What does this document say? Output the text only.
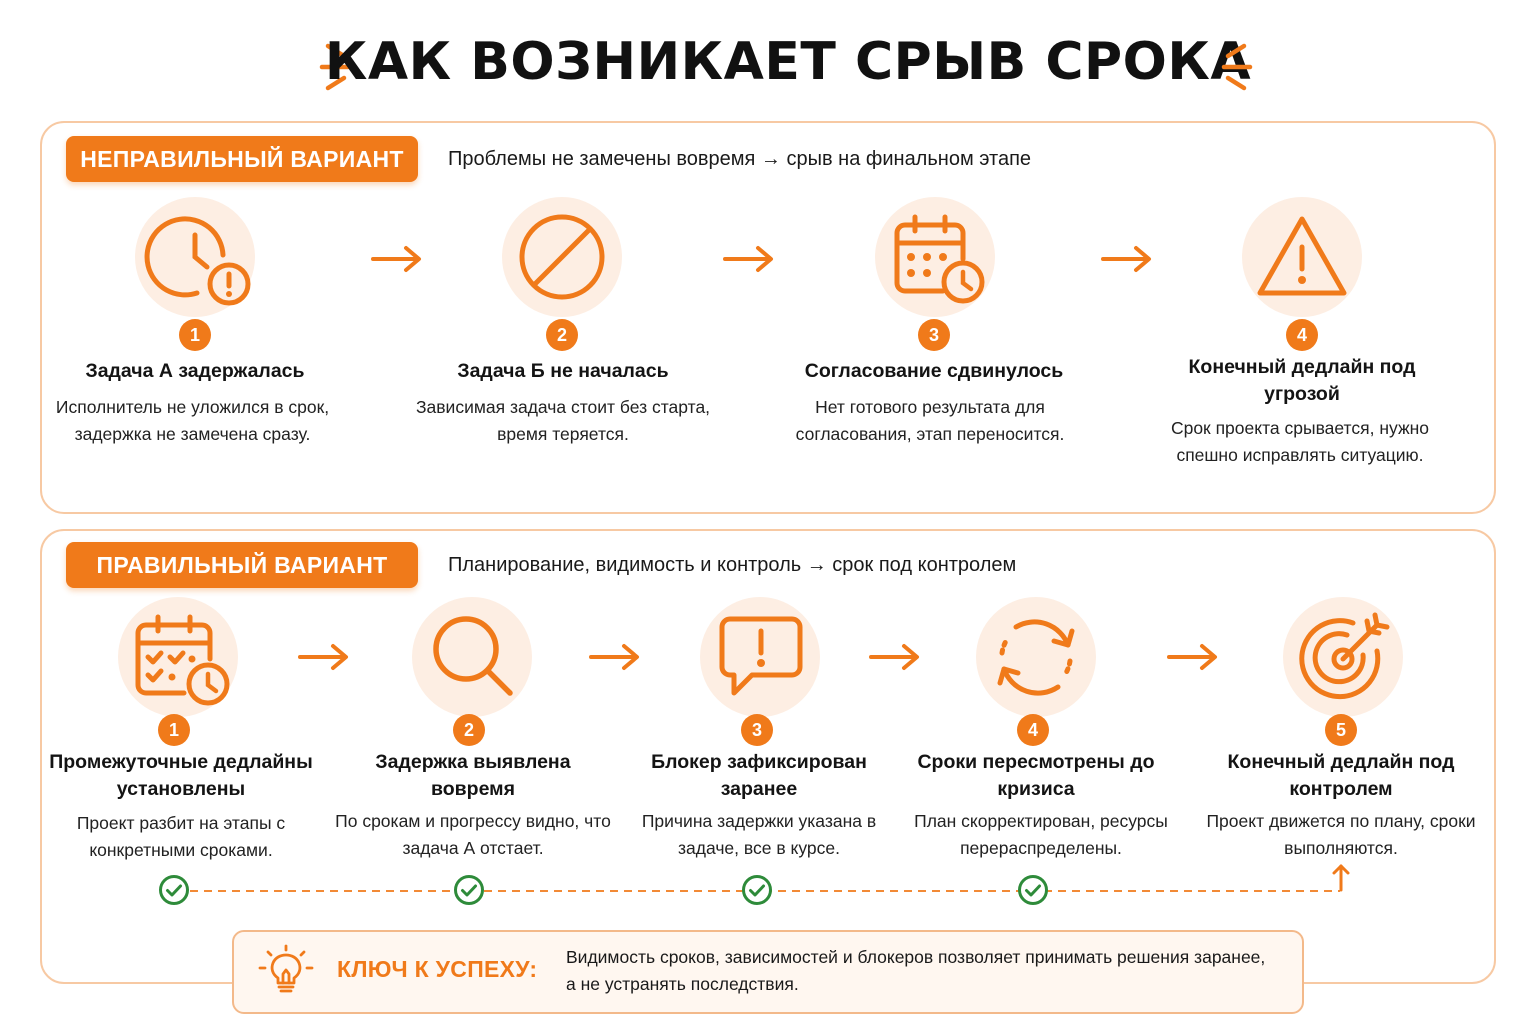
КАК ВОЗНИКАЕТ СРЫВ СРОКА
НЕПРАВИЛЬНЫЙ ВАРИАНТ	Проблемы не замечены вовремя → срыв на финальном этапе
1
Задача А задержалась
Исполнитель не уложился в срок, задержка не замечена сразу.
2
Задача Б не началась
Зависимая задача стоит без старта, время теряется.
3
Согласование сдвинулось
Нет готового результата для согласования, этап переносится.
4
Конечный дедлайн под угрозой
Срок проекта срывается, нужно спешно исправлять ситуацию.
ПРАВИЛЬНЫЙ ВАРИАНТ	Планирование, видимость и контроль → срок под контролем
1
Промежуточные дедлайны установлены
Проект разбит на этапы с конкретными сроками.
2
Задержка выявлена вовремя
По срокам и прогрессу видно, что задача А отстает.
3
Блокер зафиксирован заранее
Причина задержки указана в задаче, все в курсе.
4
Сроки пересмотрены до кризиса
План скорректирован, ресурсы перераспределены.
5
Конечный дедлайн под контролем
Проект движется по плану, сроки выполняются.
КЛЮЧ К УСПЕХУ: Видимость сроков, зависимостей и блокеров позволяет принимать решения заранее, а не устранять последствия.
